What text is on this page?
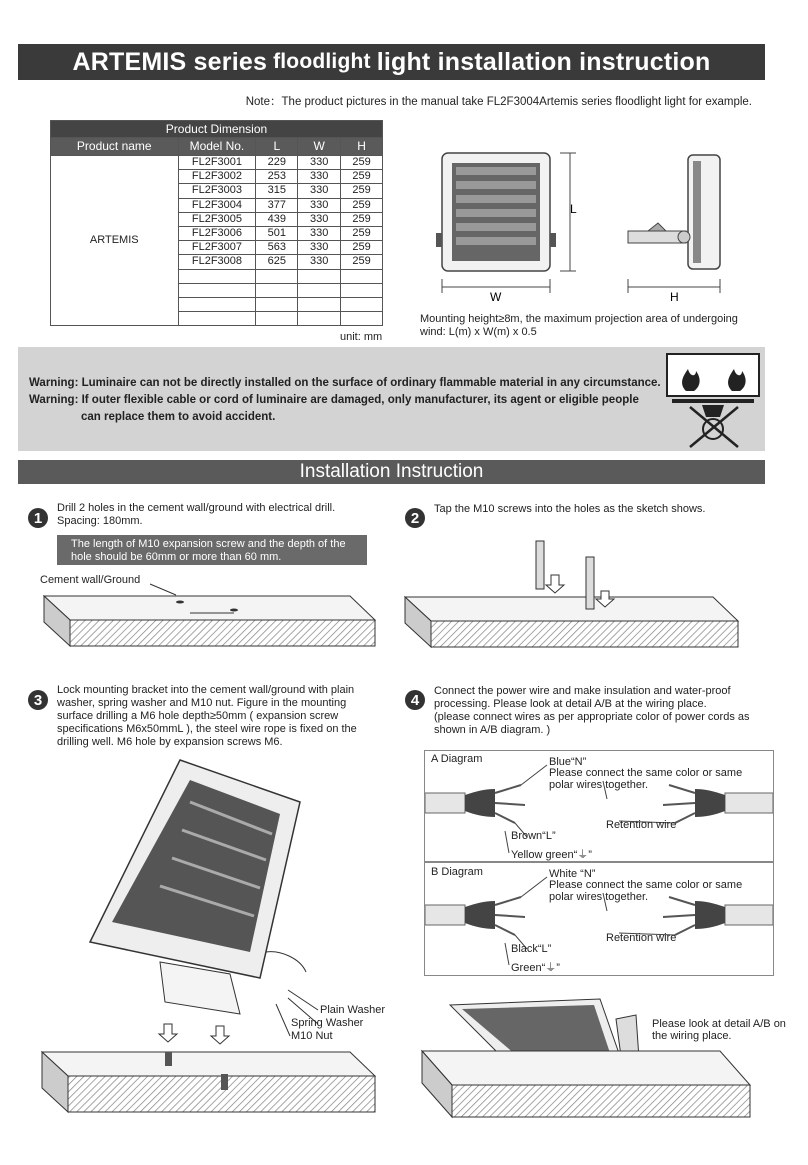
ARTEMIS series floodlight light installation instruction
Note：The product pictures in the manual take FL2F3004Artemis series floodlight light for example.
Product Dimension				
Product name	Model No.	L	W	H
ARTEMIS	FL2F3001	229	330	259
	FL2F3002	253	330	259
	FL2F3003	315	330	259
	FL2F3004	377	330	259
	FL2F3005	439	330	259
	FL2F3006	501	330	259
	FL2F3007	563	330	259
	FL2F3008	625	330	259

unit: mm
L
W	H
Mounting height≥8m, the maximum projection area of undergoing wind: L(m) x W(m) x 0.5
Warning: Luminaire can not be directly installed on the surface of ordinary flammable material in any circumstance.
Warning: If outer flexible cable or cord of luminaire are damaged, only manufacturer, its agent or eligible people
can replace them to avoid accident.
Installation Instruction
1
Drill 2 holes in the cement wall/ground with electrical drill.
Spacing: 180mm.
The length of M10 expansion screw and the depth of the
hole should be 60mm or more than 60 mm.
Cement wall/Ground
2
Tap the M10 screws into the holes as the sketch shows.
3
Lock mounting bracket into the cement wall/ground with plain
washer, spring washer and M10 nut. Figure in the mounting
surface drilling a M6 hole depth≥50mm ( expansion screw
specifications M6x50mmL ), the steel wire rope is fixed on the
drilling well. M6 hole by expansion screws M6.
Plain Washer
Spring Washer
M10 Nut
4
Connect the power wire and make insulation and water-proof
processing. Please look at detail A/B at the wiring place.
(please connect wires as per appropriate color of power cords as
shown in A/B diagram. )
A Diagram	Blue“N”
Please connect the same color or same
polar wires together.
Retention wire
Brown“L”
Yellow green“⏚”
B Diagram	White “N”
Please connect the same color or same
polar wires together.
Retention wire
Black“L”
Green“⏚”
Please look at detail A/B on
the wiring place.
